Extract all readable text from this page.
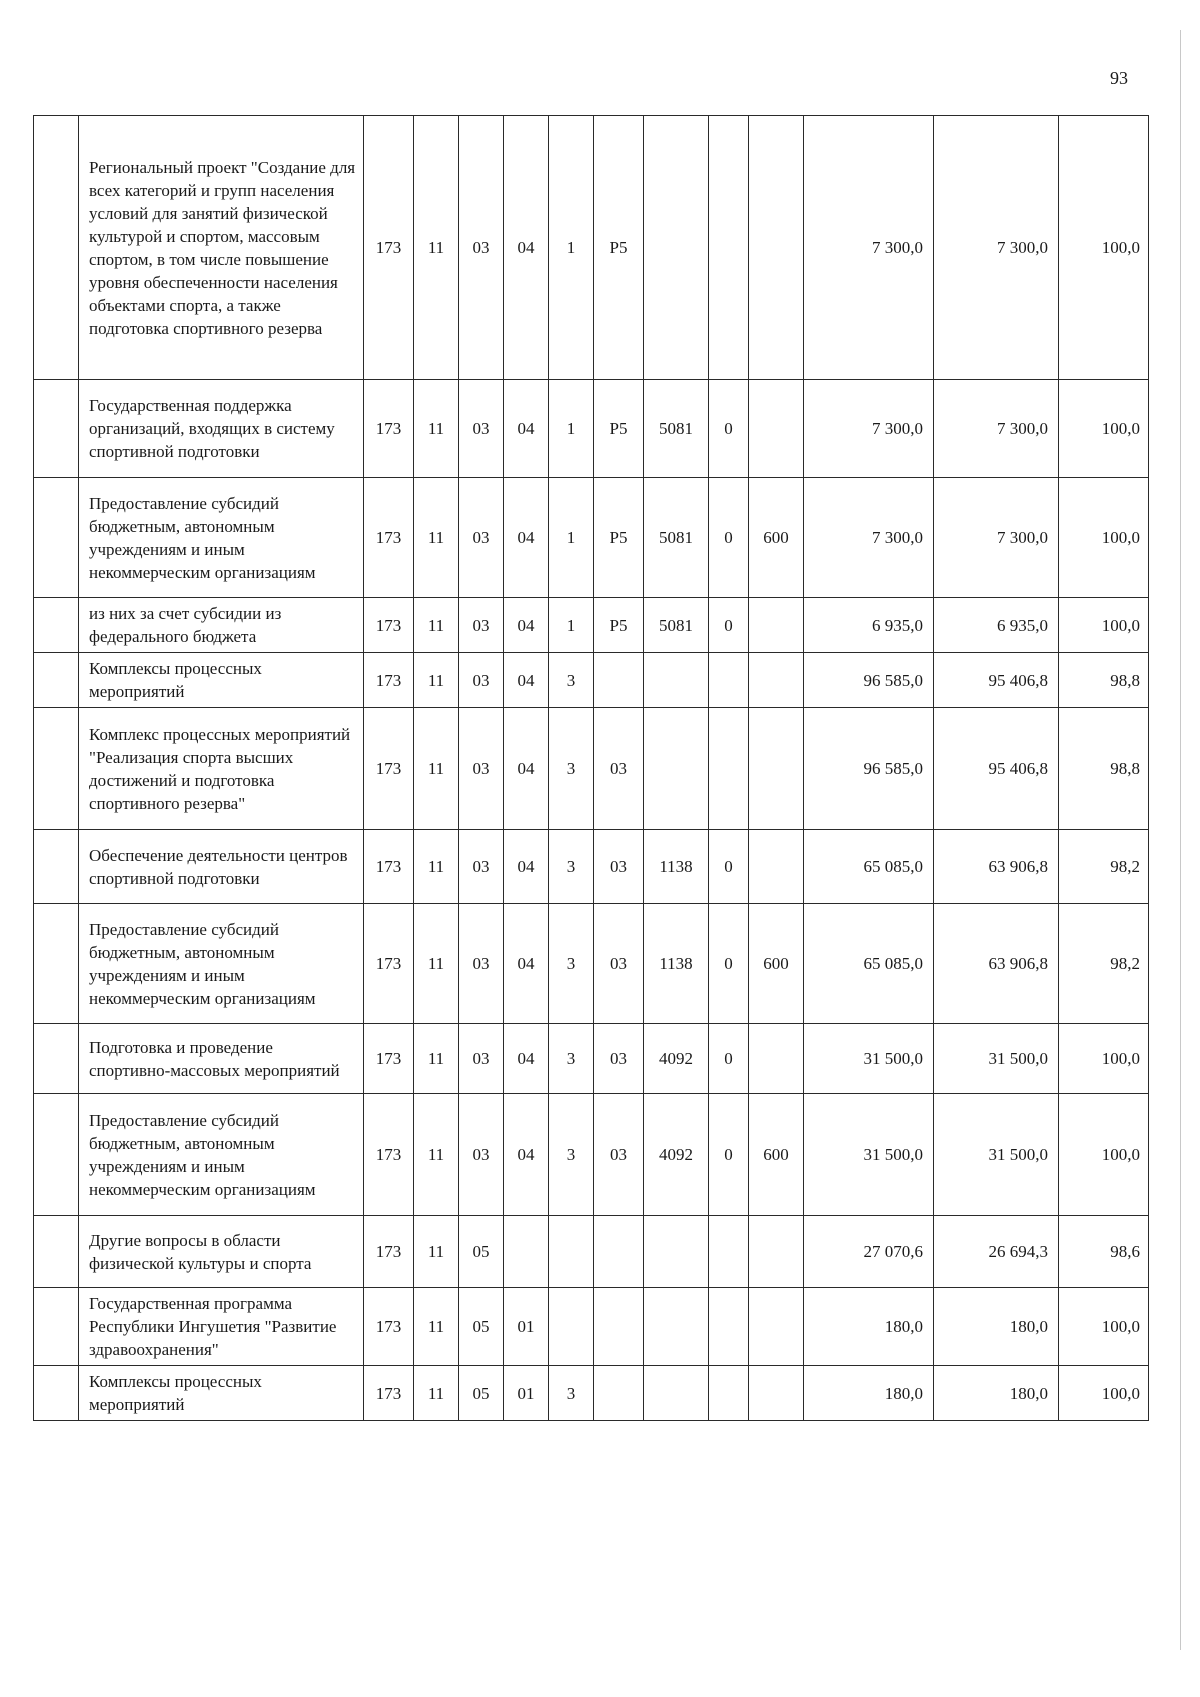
93
	Региональный проект "Создание для всех категорий и групп населения условий для занятий физической культурой и спортом, массовым спортом, в том числе повышение уровня обеспеченности населения объектами спорта, а также подготовка спортивного резерва	173	11	03	04	1	P5				7 300,0	7 300,0	100,0
	Государственная поддержка организаций, входящих в систему спортивной подготовки	173	11	03	04	1	P5	5081	0		7 300,0	7 300,0	100,0
	Предоставление субсидий бюджетным, автономным учреждениям и иным некоммерческим организациям	173	11	03	04	1	P5	5081	0	600	7 300,0	7 300,0	100,0
	из них за счет субсидии из федерального бюджета	173	11	03	04	1	P5	5081	0		6 935,0	6 935,0	100,0
	Комплексы процессных мероприятий	173	11	03	04	3					96 585,0	95 406,8	98,8
	Комплекс процессных мероприятий "Реализация спорта высших достижений и подготовка спортивного резерва"	173	11	03	04	3	03				96 585,0	95 406,8	98,8
	Обеспечение деятельности центров спортивной подготовки	173	11	03	04	3	03	1138	0		65 085,0	63 906,8	98,2
	Предоставление субсидий бюджетным, автономным учреждениям и иным некоммерческим организациям	173	11	03	04	3	03	1138	0	600	65 085,0	63 906,8	98,2
	Подготовка и проведение спортивно-массовых мероприятий	173	11	03	04	3	03	4092	0		31 500,0	31 500,0	100,0
	Предоставление субсидий бюджетным, автономным учреждениям и иным некоммерческим организациям	173	11	03	04	3	03	4092	0	600	31 500,0	31 500,0	100,0
	Другие вопросы в области физической культуры и спорта	173	11	05							27 070,6	26 694,3	98,6
	Государственная программа Республики Ингушетия "Развитие здравоохранения"	173	11	05	01						180,0	180,0	100,0
	Комплексы процессных мероприятий	173	11	05	01	3					180,0	180,0	100,0
